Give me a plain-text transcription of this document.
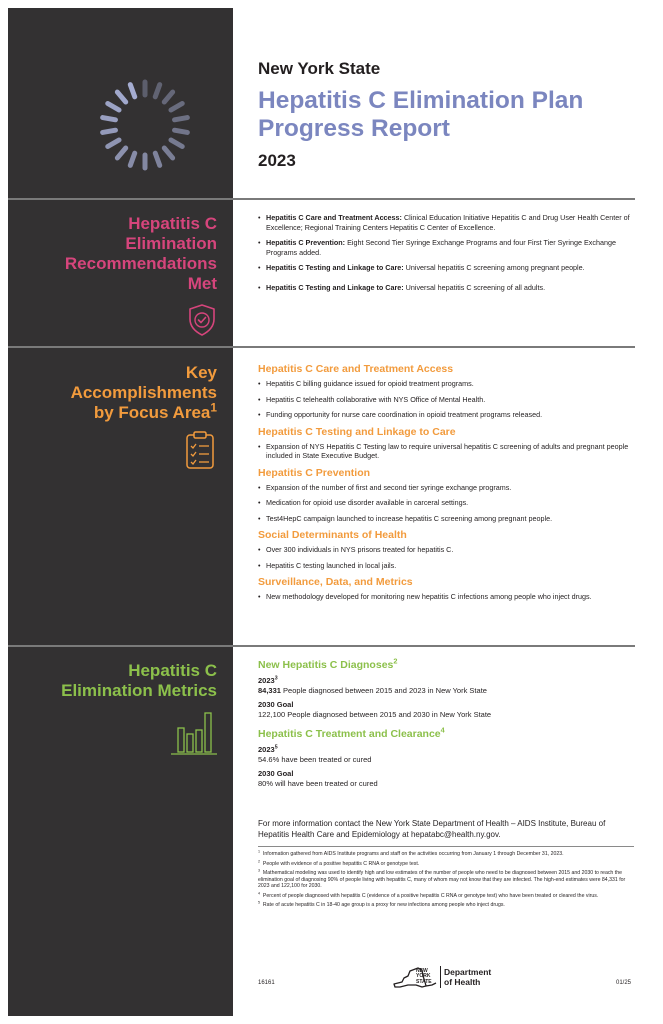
New York State
Hepatitis C Elimination Plan
Progress Report
2023
Hepatitis C
Elimination
Recommendations
Met
• Hepatitis C Care and Treatment Access: Clinical Education Initiative Hepatitis C and Drug User Health Center of Excellence; Regional Training Centers Hepatitis C Center of Excellence.
• Hepatitis C Prevention: Eight Second Tier Syringe Exchange Programs and four First Tier Syringe Exchange Programs added.
• Hepatitis C Testing and Linkage to Care: Universal hepatitis C screening among pregnant people.
• Hepatitis C Testing and Linkage to Care: Universal hepatitis C screening of all adults.
Key
Accomplishments
by Focus Area$^1$
Hepatitis C Care and Treatment Access
• Hepatitis C billing guidance issued for opioid treatment programs.
• Hepatitis C telehealth collaborative with NYS Office of Mental Health.
• Funding opportunity for nurse care coordination in opioid treatment programs released.
Hepatitis C Testing and Linkage to Care
• Expansion of NYS Hepatitis C Testing law to require universal hepatitis C screening of adults and pregnant people included in State Executive Budget.
Hepatitis C Prevention
• Expansion of the number of first and second tier syringe exchange programs.
• Medication for opioid use disorder available in carceral settings.
• Test4HepC campaign launched to increase hepatitis C screening among pregnant people.
Social Determinants of Health
• Over 300 individuals in NYS prisons treated for hepatitis C.
• Hepatitis C testing launched in local jails.
Surveillance, Data, and Metrics
• New methodology developed for monitoring new hepatitis C infections among people who inject drugs.
Hepatitis C
Elimination Metrics
New Hepatitis C Diagnoses$^2$
2023$^3$
84,331 People diagnosed between 2015 and 2023 in New York State
2030 Goal
122,100 People diagnosed between 2015 and 2030 in New York State
Hepatitis C Treatment and Clearance$^4$
2023$^5$
54.6% have been treated or cured
2030 Goal
80% will have been treated or cured
For more information contact the New York State Department of Health – AIDS Institute, Bureau of Hepatitis Health Care and Epidemiology at hepatabc@health.ny.gov.
$^1$ Information gathered from AIDS Institute programs and staff on the activities occurring from January 1 through December 31, 2023.
$^2$ People with evidence of a positive hepatitis C RNA or genotype test.
$^3$ Mathematical modeling was used to identify high and low estimates of the number of people who need to be diagnosed between 2015 and 2030 to reach the elimination goal of diagnosing 90% of people living with hepatitis C, many of whom may not know that they are infected. The high-end estimates were 84,331 for 2023 and 122,100 for 2030.
$^4$ Percent of people diagnosed with hepatitis C (evidence of a positive hepatitis C RNA or genotype test) who have been treated or cleared the virus.
$^5$ Rate of acute hepatitis C in 18-40 age group is a proxy for new infections among people who inject drugs.
16161
NEW
YORK
STATE
Department
of Health	01/25
